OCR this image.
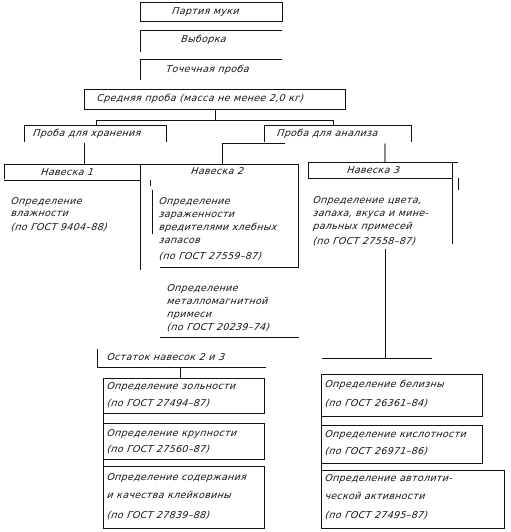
Партия муки
Выборка
Точечная проба
Средняя проба (масса не менее 2,0 кг)
Проба для хранения	Проба для анализа
Навеска 1
Определение
влажности
(по ГОСТ 9404–88)
Навеска 2
Определение
зараженности
вредителями хлебных
запасов
(по ГОСТ 27559–87)
Определение
металломагнитной
примеси
(по ГОСТ 20239–74)
Навеска 3
Определение цвета,
запаха, вкуса и мине-
ральных примесей
(по ГОСТ 27558–87)
Остаток навесок 2 и 3
Определение зольности
(по ГОСТ 27494–87)
Определение крупности
(по ГОСТ 27560–87)
Определение содержания
и качества клейковины
(по ГОСТ 27839–88)
Определение белизны
(по ГОСТ 26361–84)
Определение кислотности
(по ГОСТ 26971–86)
Определение автолити-
ческой активности
(по ГОСТ 27495–87)
